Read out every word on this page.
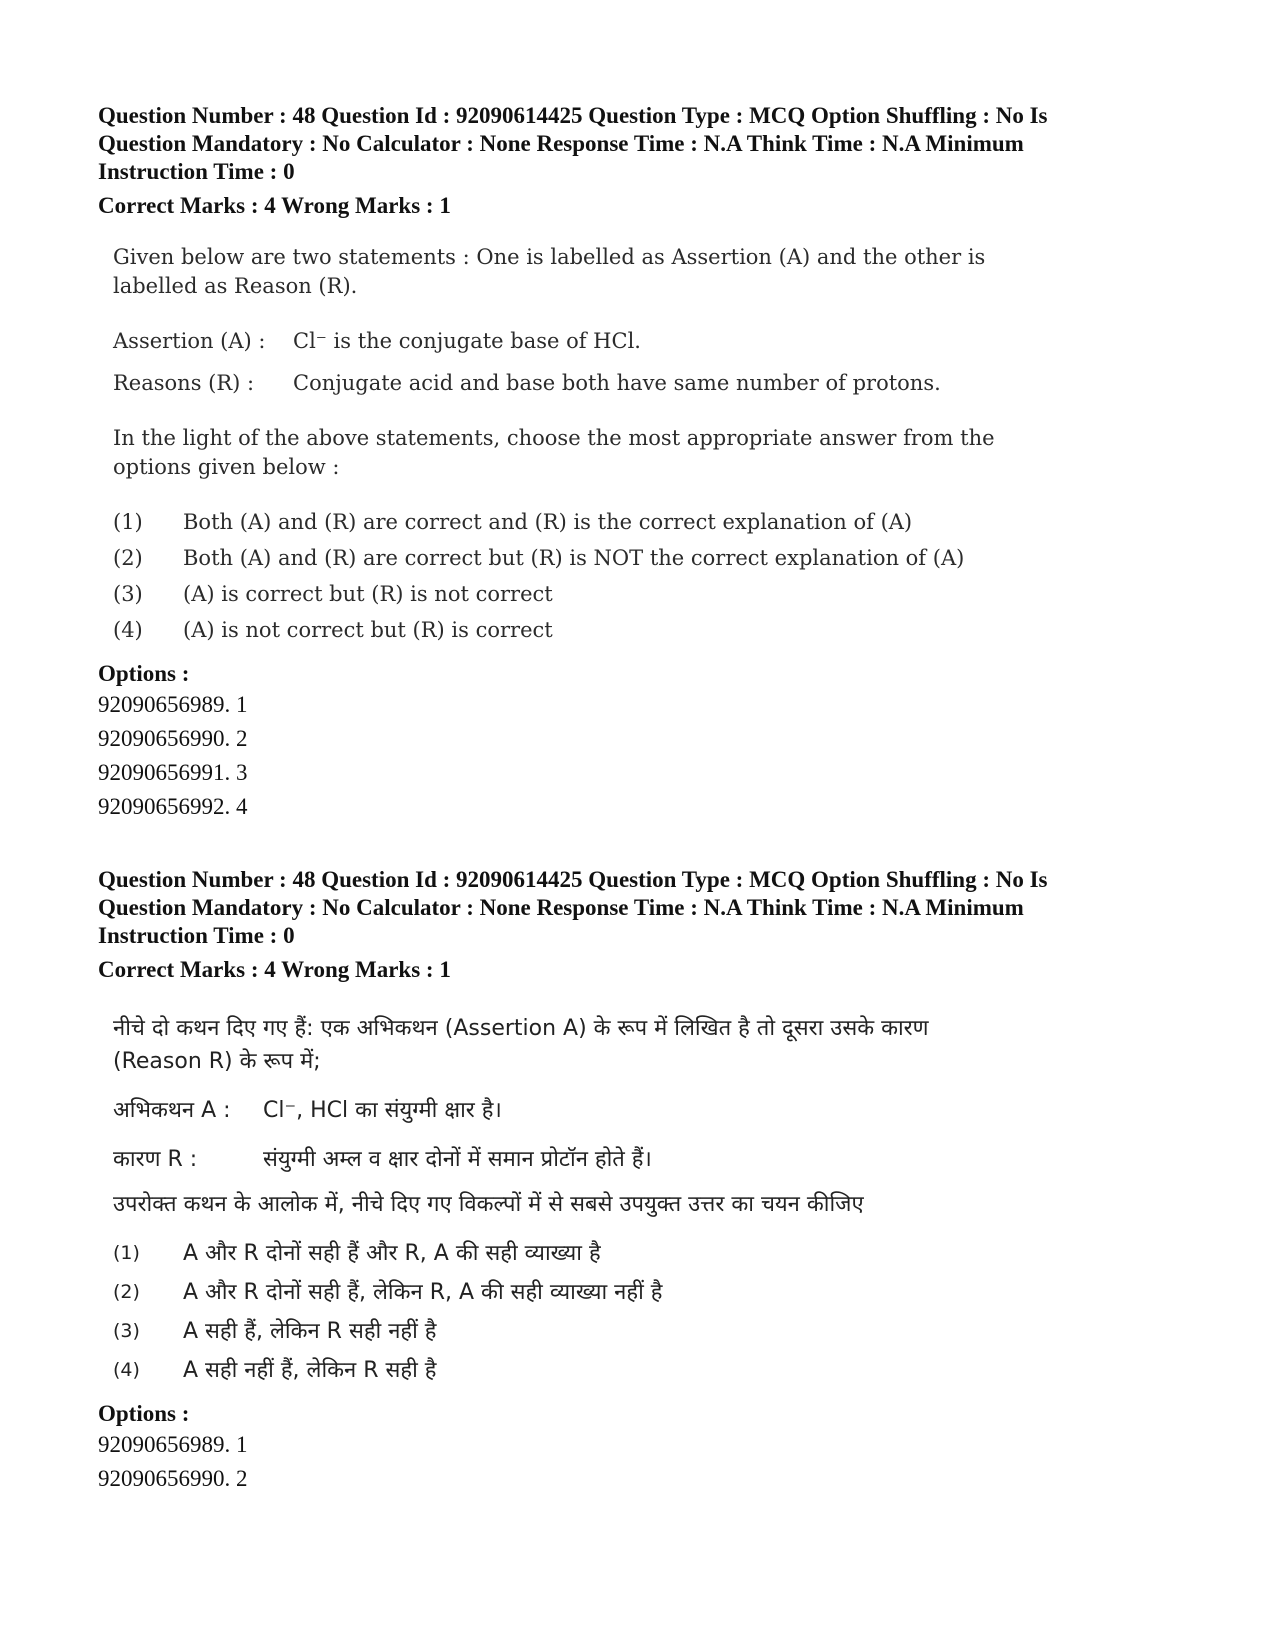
Question Number : 48 Question Id : 92090614425 Question Type : MCQ Option Shuffling : No Is
Question Mandatory : No Calculator : None Response Time : N.A Think Time : N.A Minimum
Instruction Time : 0
Correct Marks : 4 Wrong Marks : 1

Given below are two statements : One is labelled as Assertion (A) and the other is

labelled as Reason (R).

Assertion (A) :	Cl⁻ is the conjugate base of HCl.
Reasons (R) :	Conjugate acid and base both have same number of protons.

In the light of the above statements, choose the most appropriate answer from the

options given below :

(1)	Both (A) and (R) are correct and (R) is the correct explanation of (A)
(2)	Both (A) and (R) are correct but (R) is NOT the correct explanation of (A)
(3)	(A) is correct but (R) is not correct
(4)	(A) is not correct but (R) is correct
Options :
92090656989. 1
92090656990. 2
92090656991. 3
92090656992. 4
Question Number : 48 Question Id : 92090614425 Question Type : MCQ Option Shuffling : No Is
Question Mandatory : No Calculator : None Response Time : N.A Think Time : N.A Minimum
Instruction Time : 0
Correct Marks : 4 Wrong Marks : 1

नीचे दो कथन दिए गए हैं: एक अभिकथन (Assertion A) के रूप में लिखित है तो दूसरा उसके कारण

(Reason R) के रूप में;

अभिकथन A :	Cl⁻, HCl का संयुग्मी क्षार है।
कारण R :	संयुग्मी अम्ल व क्षार दोनों में समान प्रोटॉन होते हैं।

उपरोक्त कथन के आलोक में, नीचे दिए गए विकल्पों में से सबसे उपयुक्त उत्तर का चयन कीजिए

(1)	A और R दोनों सही हैं और R, A की सही व्याख्या है
(2)	A और R दोनों सही हैं, लेकिन R, A की सही व्याख्या नहीं है
(3)	A सही हैं, लेकिन R सही नहीं है
(4)	A सही नहीं हैं, लेकिन R सही है
Options :
92090656989. 1
92090656990. 2
